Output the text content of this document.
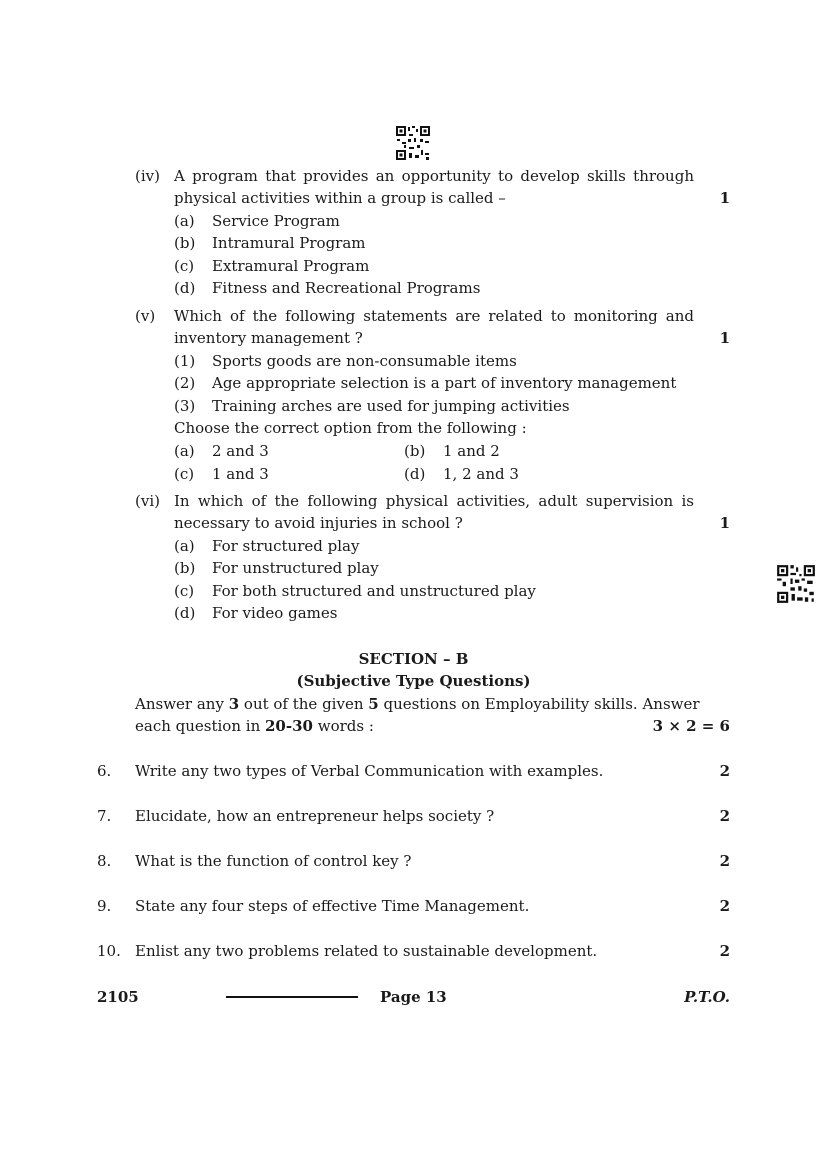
(iv) A program that provides an opportunity to develop skills through
physical activities within a group is called –	1
(a) Service Program
(b) Intramural Program
(c) Extramural Program
(d) Fitness and Recreational Programs
(v) Which of the following statements are related to monitoring and
inventory management ?	1
(1) Sports goods are non-consumable items
(2) Age appropriate selection is a part of inventory management
(3) Training arches are used for jumping activities
Choose the correct option from the following :
(a) 2 and 3	(b) 1 and 2
(c) 1 and 3	(d) 1, 2 and 3
(vi) In which of the following physical activities, adult supervision is
necessary to avoid injuries in school ?	1
(a) For structured play
(b) For unstructured play
(c) For both structured and unstructured play
(d) For video games
SECTION – B
(Subjective Type Questions)
Answer any 3 out of the given 5 questions on Employability skills. Answer
each question in 20-30 words :	3 × 2 = 6
6. Write any two types of Verbal Communication with examples.	2
7. Elucidate, how an entrepreneur helps society ?	2
8. What is the function of control key ?	2
9. State any four steps of effective Time Management.	2
10. Enlist any two problems related to sustainable development.	2
2105	Page 13	P.T.O.
